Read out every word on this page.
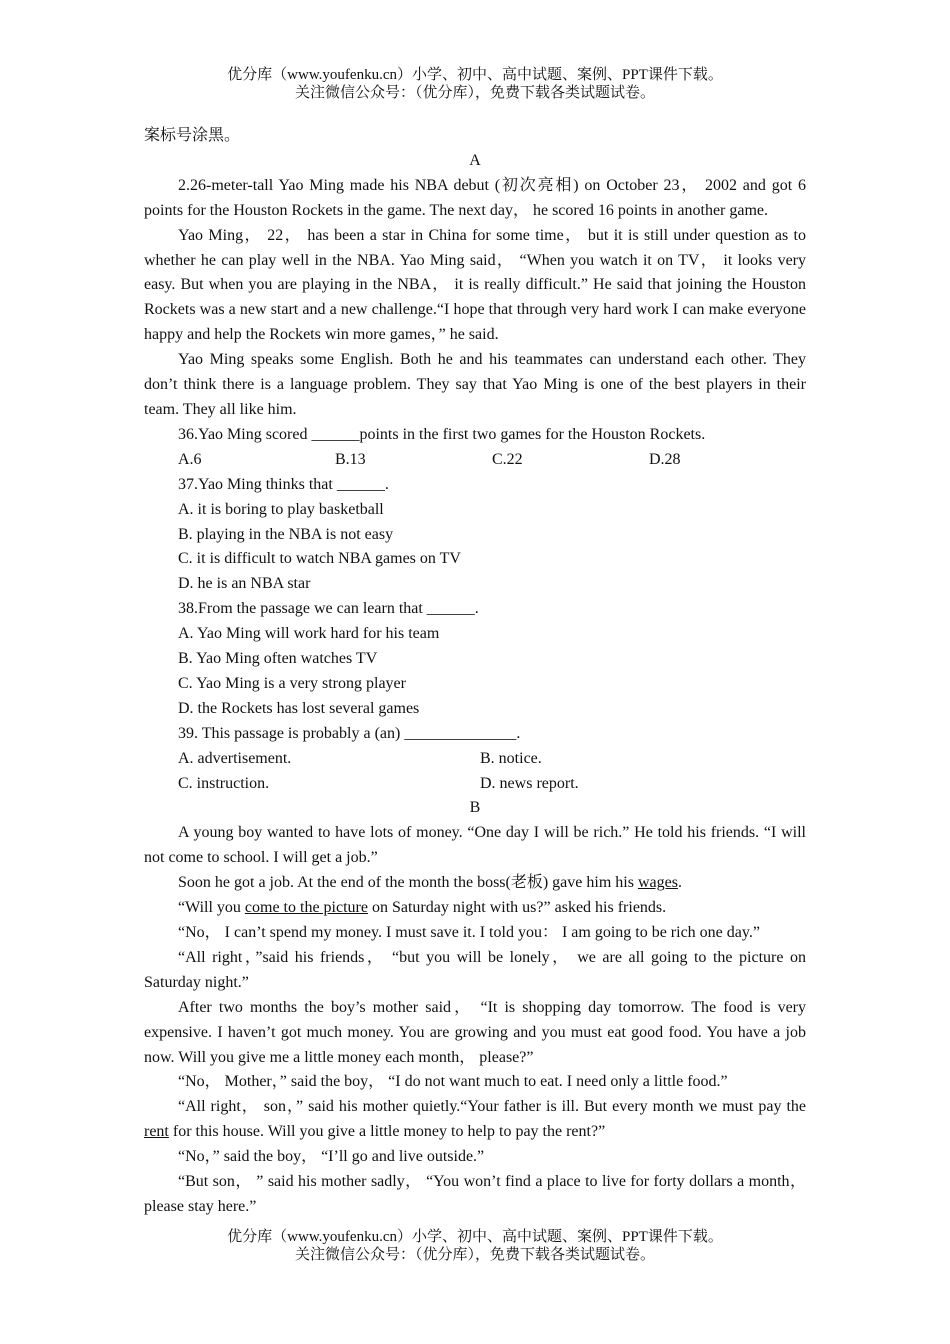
优分库（www.youfenku.cn）小学、初中、高中试题、案例、PPT课件下载。
关注微信公众号：（优分库），免费下载各类试题试卷。

案标号涂黑。

A

2.26-meter-tall Yao Ming made his NBA debut (初次亮相) on October 23， 2002 and got 6 points for the Houston Rockets in the game. The next day， he scored 16 points in another game.

Yao Ming， 22， has been a star in China for some time， but it is still under question as to whether he can play well in the NBA. Yao Ming said， “When you watch it on TV， it looks very easy. But when you are playing in the NBA， it is really difficult.” He said that joining the Houston Rockets was a new start and a new challenge.“I hope that through very hard work I can make everyone happy and help the Rockets win more games，” he said.

Yao Ming speaks some English. Both he and his teammates can understand each other. They don’t think there is a language problem. They say that Yao Ming is one of the best players in their team. They all like him.

36.Yao Ming scored ______points in the first two games for the Houston Rockets.

A.6	B.13	C.22	D.28

37.Yao Ming thinks that ______.

A. it is boring to play basketball

B. playing in the NBA is not easy

C. it is difficult to watch NBA games on TV

D. he is an NBA star

38.From the passage we can learn that ______.

A. Yao Ming will work hard for his team

B. Yao Ming often watches TV

C. Yao Ming is a very strong player

D. the Rockets has lost several games

39. This passage is probably a (an) ______________.

A. advertisement.	B. notice.
C. instruction.	D. news report.

B

A young boy wanted to have lots of money. “One day I will be rich.” He told his friends. “I will not come to school. I will get a job.”

Soon he got a job. At the end of the month the boss(老板) gave him his wages.

“Will you come to the picture on Saturday night with us?” asked his friends.

“No， I can’t spend my money. I must save it. I told you： I am going to be rich one day.”

“All right，”said his friends， “but you will be lonely， we are all going to the picture on Saturday night.”

After two months the boy’s mother said， “It is shopping day tomorrow. The food is very expensive. I haven’t got much money. You are growing and you must eat good food. You have a job now. Will you give me a little money each month， please?”

“No， Mother，” said the boy， “I do not want much to eat. I need only a little food.”

“All right， son，” said his mother quietly.“Your father is ill. But every month we must pay the rent for this house. Will you give a little money to help to pay the rent?”

“No，” said the boy， “I’ll go and live outside.”

“But son， ” said his mother sadly， “You won’t find a place to live for forty dollars a month， please stay here.”

优分库（www.youfenku.cn）小学、初中、高中试题、案例、PPT课件下载。
关注微信公众号：（优分库），免费下载各类试题试卷。
